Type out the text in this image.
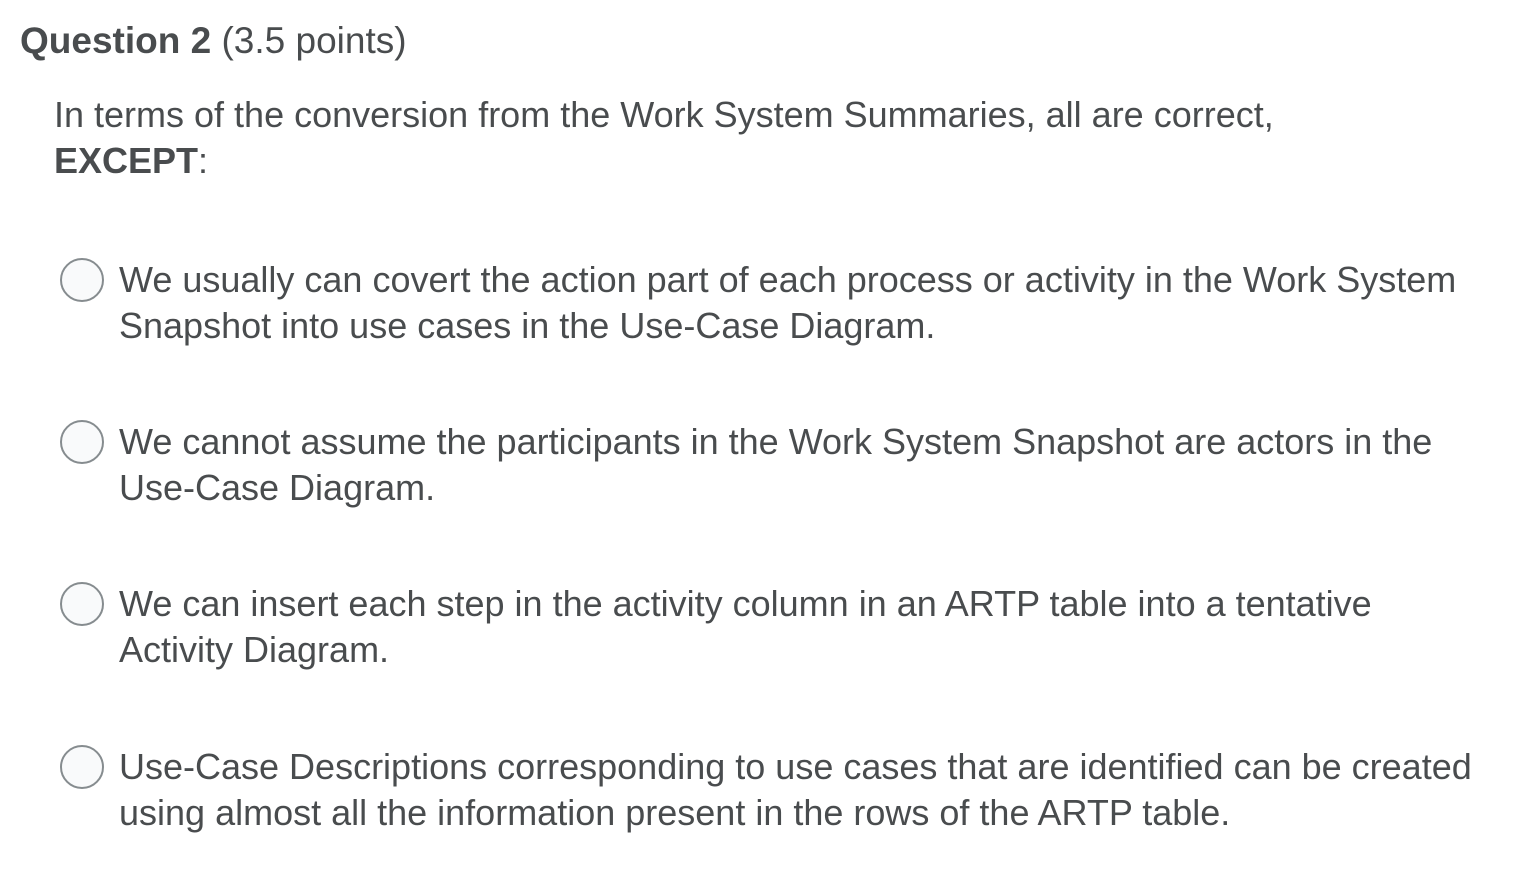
Question 2 (3.5 points)
In terms of the conversion from the Work System Summaries, all are correct,
EXCEPT:
We usually can covert the action part of each process or activity in the Work System Snapshot into use cases in the Use-Case Diagram.
We cannot assume the participants in the Work System Snapshot are actors in the Use-Case Diagram.
We can insert each step in the activity column in an ARTP table into a tentative Activity Diagram.
Use-Case Descriptions corresponding to use cases that are identified can be created using almost all the information present in the rows of the ARTP table.
